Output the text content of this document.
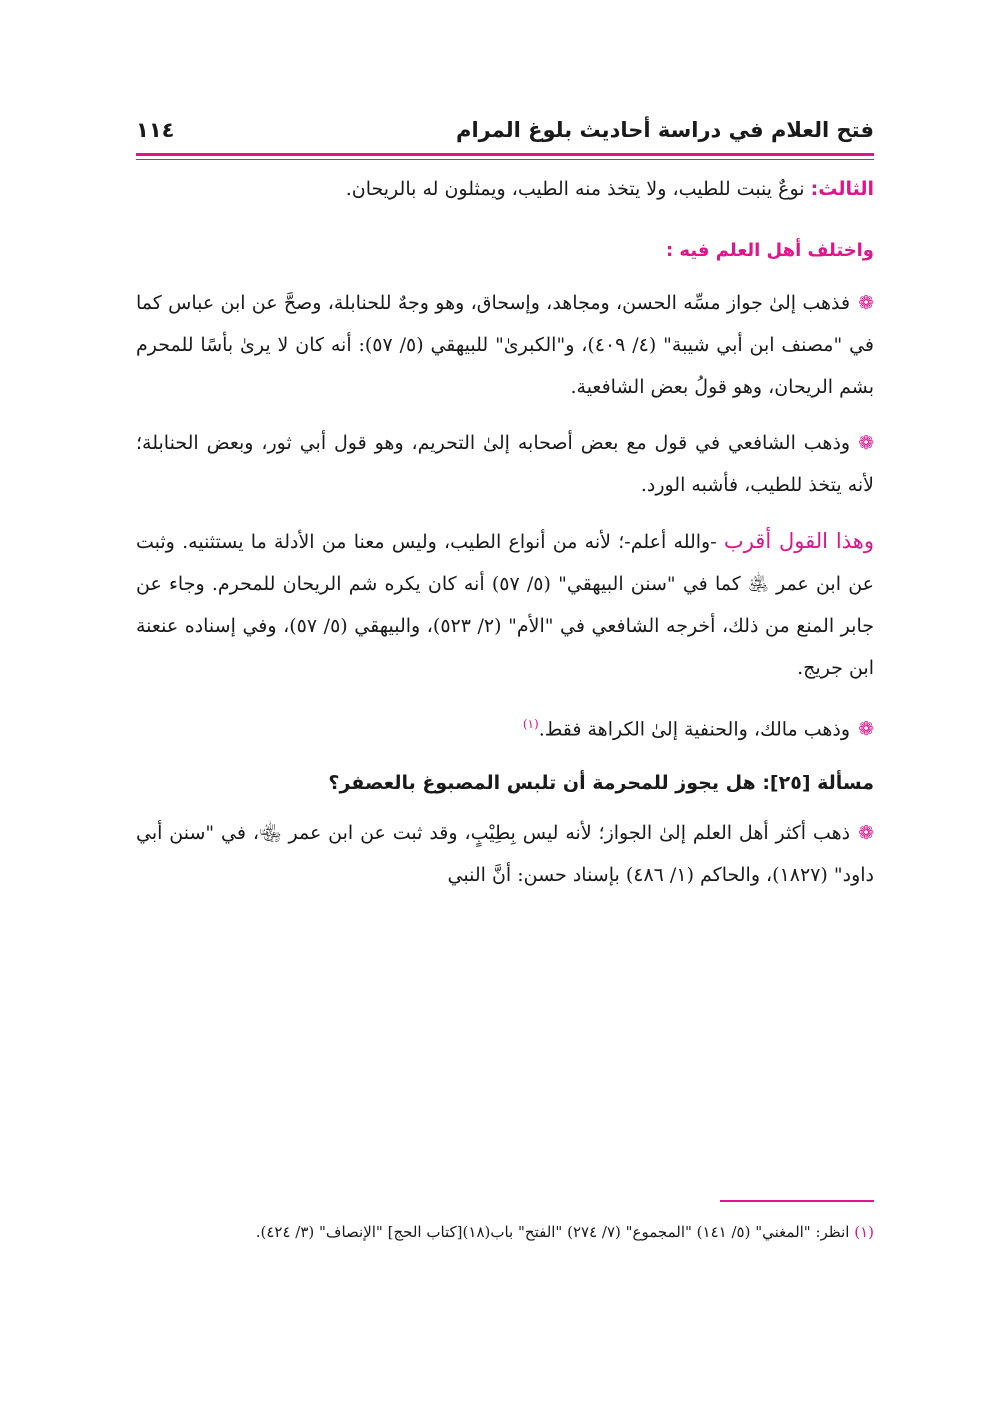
فتح العلام في دراسة أحاديث بلوغ المرام
١١٤

الثالث: نوعٌ ينبت للطيب، ولا يتخذ منه الطيب، ويمثلون له بالريحان.

واختلف أهل العلم فيه :

❁فذهب إلىٰ جواز مسِّه الحسن، ومجاهد، وإسحاق، وهو وجهٌ للحنابلة، وصحَّ عن ابن عباس كما في "مصنف ابن أبي شيبة" (٤/ ٤٠٩)، و"الكبرىٰ" للبيهقي (٥/ ٥٧): أنه كان لا يرىٰ بأسًا للمحرم بشم الريحان، وهو قولُ بعض الشافعية.

❁وذهب الشافعي في قول مع بعض أصحابه إلىٰ التحريم، وهو قول أبي ثور، وبعض الحنابلة؛ لأنه يتخذ للطيب، فأشبه الورد.

وهذا القول أقرب -والله أعلم-؛ لأنه من أنواع الطيب، وليس معنا من الأدلة ما يستثنيه. وثبت عن ابن عمر ﵁ كما في "سنن البيهقي" (٥/ ٥٧) أنه كان يكره شم الريحان للمحرم. وجاء عن جابر المنع من ذلك، أخرجه الشافعي في "الأم" (٢/ ٥٢٣)، والبيهقي (٥/ ٥٧)، وفي إسناده عنعنة ابن جريج.

❁وذهب مالك، والحنفية إلىٰ الكراهة فقط.$^{(١)}$

مسألة [٢٥]: هل يجوز للمحرمة أن تلبس المصبوغ بالعصفر؟

❁ذهب أكثر أهل العلم إلىٰ الجواز؛ لأنه ليس بِطِيْبٍ، وقد ثبت عن ابن عمر ﵄، في "سنن أبي داود" (١٨٢٧)، والحاكم (١/ ٤٨٦) بإسناد حسن: أنَّ النبي

(١) انظر: "المغني" (٥/ ١٤١) "المجموع" (٧/ ٢٧٤) "الفتح" باب(١٨)[كتاب الحج] "الإنصاف" (٣/ ٤٢٤).
